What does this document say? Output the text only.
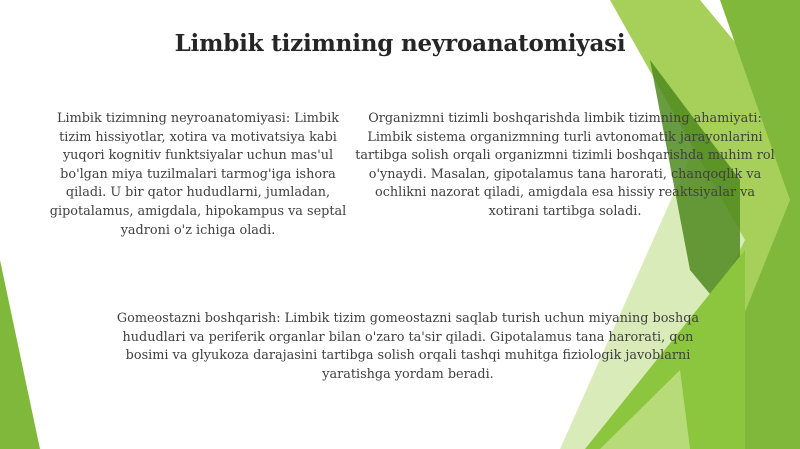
Limbik tizimning neyroanatomiyasi
Limbik tizimning neyroanatomiyasi: Limbik tizim hissiyotlar, xotira va motivatsiya kabi yuqori kognitiv funktsiyalar uchun mas'ul bo'lgan miya tuzilmalari tarmog'iga ishora qiladi. U bir qator hududlarni, jumladan, gipotalamus, amigdala, hipokampus va septal yadroni o'z ichiga oladi.
Organizmni tizimli boshqarishda limbik tizimning ahamiyati: Limbik sistema organizmning turli avtonomatik jarayonlarini tartibga solish orqali organizmni tizimli boshqarishda muhim rol o'ynaydi. Masalan, gipotalamus tana harorati, chanqoqlik va ochlikni nazorat qiladi, amigdala esa hissiy reaktsiyalar va xotirani tartibga soladi.
Gomeostazni boshqarish: Limbik tizim gomeostazni saqlab turish uchun miyaning boshqa hududlari va periferik organlar bilan o'zaro ta'sir qiladi. Gipotalamus tana harorati, qon bosimi va glyukoza darajasini tartibga solish orqali tashqi muhitga fiziologik javoblarni yaratishga yordam beradi.
